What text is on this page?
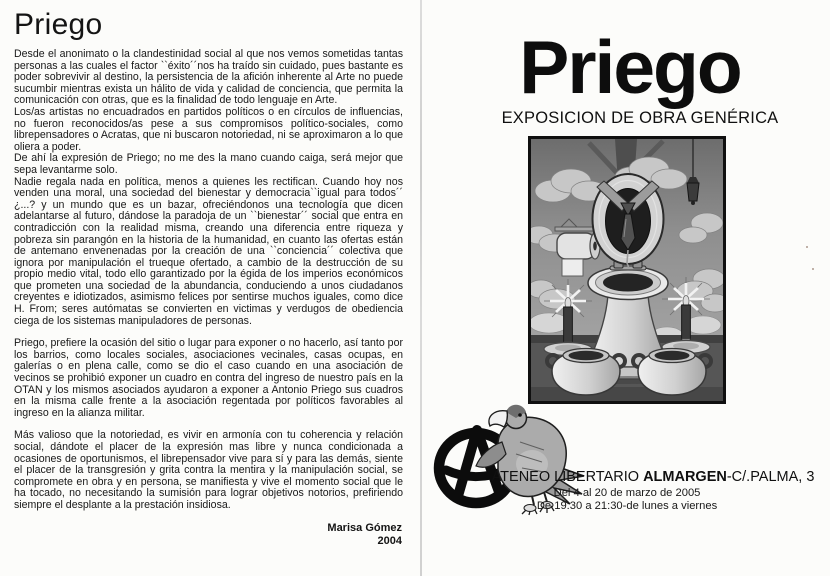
Priego

Desde el anonimato o la clandestinidad social al que nos vemos sometidas tantas personas a las cuales el factor ``éxito´´nos ha traído sin cuidado, pues bastante es poder sobrevivir al destino, la persistencia de la afición inherente al Arte no puede sucumbir mientras exista un hálito de vida y calidad de conciencia, que permita la comunicación con otras, que es la finalidad de todo lenguaje en Arte.

Los/as artistas no encuadrados en partidos políticos o en círculos de influencias, no fueron reconocidos/as pese a sus compromisos político-sociales, como librepensadores o Acratas, que ni buscaron notoriedad, ni se aproximaron a lo que oliera a poder.

De ahí la expresión de Priego; no me des la mano cuando caiga, será mejor que sepa levantarme solo.

Nadie regala nada en política, menos a quienes les rectifican. Cuando hoy nos venden una moral, una sociedad del bienestar y democracia``igual para todos´´ ¿...? y un mundo que es un bazar, ofreciéndonos una tecnología que dicen adelantarse al futuro, dándose la paradoja de un ``bienestar´´ social que entra en contradicción con la realidad misma, creando una diferencia entre riqueza y pobreza sin parangón en la historia de la humanidad, en cuanto las ofertas están de antemano envenenadas por la creación de una ``conciencia´´ colectiva que ignora por manipulación el trueque ofertado, a cambio de la destrucción de su propio medio vital, todo ello garantizado por la égida de los imperios económicos que prometen una sociedad de la abundancia, conduciendo a unos ciudadanos creyentes e idiotizados, asimismo felices por sentirse muchos iguales, como dice H. From; seres autómatas se convierten en victimas y verdugos de obediencia ciega de los sistemas manipuladores de personas.

Priego, prefiere la ocasión del sitio o lugar para exponer o no hacerlo, así tanto por los barrios, como locales sociales, asociaciones vecinales, casas ocupas, en galerías o en plena calle, como se dio el caso cuando en una asociación de vecinos se prohibió exponer un cuadro en contra del ingreso de nuestro país en la OTAN y los mismos asociados ayudaron a exponer a Antonio Priego sus cuadros en la misma calle frente a la asociación regentada por políticos favorables al ingreso en la alianza militar.

Más valioso que la notoriedad, es vivir en armonía con tu coherencia y relación social, dándote el placer de la expresión mas libre y nunca condicionada a ocasiones de oportunismos, el librepensador vive para sí y para las demás, siente el placer de la transgresión y grita contra la mentira y la manipulación social, se compromete en obra y en persona, se manifiesta y vive el momento social que le ha tocado, no necesitando la sumisión para lograr objetivos notorios, prefiriendo siempre el desplante a la prestación insidiosa.

Marisa Gómez
2004
Priego
EXPOSICION DE OBRA GENÉRICA
ATENEO LIBERTARIO ALMARGEN-C/.PALMA, 3
Del 4 al 20 de marzo de 2005
De 19:30 a 21:30-de lunes a viernes
